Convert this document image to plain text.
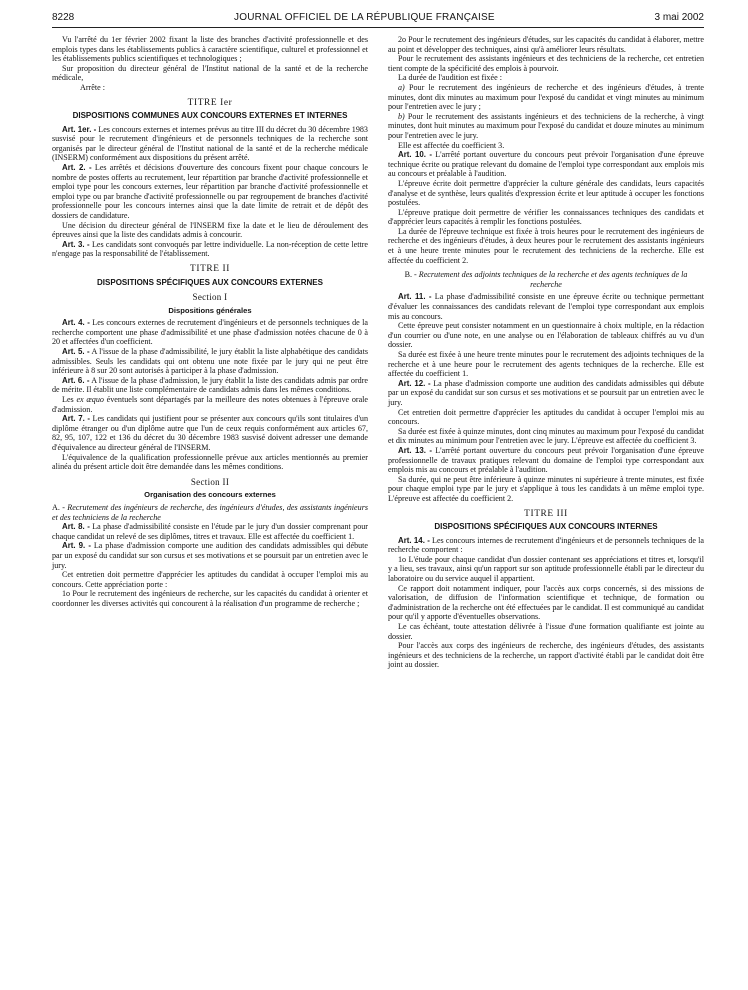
8228	JOURNAL OFFICIEL DE LA RÉPUBLIQUE FRANÇAISE	3 mai 2002

Vu l'arrêté du 1er février 2002 fixant la liste des branches d'activité professionnelle et des emplois types dans les établissements publics à caractère scientifique, culturel et professionnel et les établissements publics scientifiques et technologiques ;

Sur proposition du directeur général de l'Institut national de la santé et de la recherche médicale,

Arrête :

TITRE Ier
DISPOSITIONS COMMUNES AUX CONCOURS EXTERNES ET INTERNES

Art. 1er. - Les concours externes et internes prévus au titre III du décret du 30 décembre 1983 susvisé pour le recrutement d'ingénieurs et de personnels techniques de la recherche sont organisés par le directeur général de l'Institut national de la santé et de la recherche médicale (INSERM) conformément aux dispositions du présent arrêté.

Art. 2. - Les arrêtés et décisions d'ouverture des concours fixent pour chaque concours le nombre de postes offerts au recrutement, leur répartition par branche d'activité professionnelle et emploi type pour les concours externes, leur répartition par branche d'activité professionnelle et emploi type ou par branche d'activité professionnelle ou par regroupement de branches d'activité professionnelle pour les concours internes ainsi que la date limite de retrait et de dépôt des dossiers de candidature.

Une décision du directeur général de l'INSERM fixe la date et le lieu de déroulement des épreuves ainsi que la liste des candidats admis à concourir.

Art. 3. - Les candidats sont convoqués par lettre individuelle. La non-réception de cette lettre n'engage pas la responsabilité de l'établissement.

TITRE II
DISPOSITIONS SPÉCIFIQUES AUX CONCOURS EXTERNES
Section I
Dispositions générales

Art. 4. - Les concours externes de recrutement d'ingénieurs et de personnels techniques de la recherche comportent une phase d'admissibilité et une phase d'admission notées chacune de 0 à 20 et affectées d'un coefficient.

Art. 5. - A l'issue de la phase d'admissibilité, le jury établit la liste alphabétique des candidats admissibles. Seuls les candidats qui ont obtenu une note fixée par le jury qui ne peut être inférieure à 8 sur 20 sont autorisés à participer à la phase d'admission.

Art. 6. - A l'issue de la phase d'admission, le jury établit la liste des candidats admis par ordre de mérite. Il établit une liste complémentaire de candidats admis dans les mêmes conditions.

Les ex æquo éventuels sont départagés par la meilleure des notes obtenues à l'épreuve orale d'admission.

Art. 7. - Les candidats qui justifient pour se présenter aux concours qu'ils sont titulaires d'un diplôme étranger ou d'un diplôme autre que l'un de ceux requis conformément aux articles 67, 82, 95, 107, 122 et 136 du décret du 30 décembre 1983 susvisé doivent adresser une demande d'équivalence au directeur général de l'INSERM.

L'équivalence de la qualification professionnelle prévue aux articles mentionnés au premier alinéa du présent article doit être demandée dans les mêmes conditions.

Section II
Organisation des concours externes

A. - Recrutement des ingénieurs de recherche, des ingénieurs d'études, des assistants ingénieurs et des techniciens de la recherche

Art. 8. - La phase d'admissibilité consiste en l'étude par le jury d'un dossier comprenant pour chaque candidat un relevé de ses diplômes, titres et travaux. Elle est affectée du coefficient 1.

Art. 9. - La phase d'admission comporte une audition des candidats admissibles qui débute par un exposé du candidat sur son cursus et ses motivations et se poursuit par un entretien avec le jury.

Cet entretien doit permettre d'apprécier les aptitudes du candidat à occuper l'emploi mis au concours. Cette appréciation porte :

1o Pour le recrutement des ingénieurs de recherche, sur les capacités du candidat à orienter et coordonner les diverses activités qui concourent à la réalisation d'un programme de recherche ;

2o Pour le recrutement des ingénieurs d'études, sur les capacités du candidat à élaborer, mettre au point et développer des techniques, ainsi qu'à améliorer leurs résultats.

Pour le recrutement des assistants ingénieurs et des techniciens de la recherche, cet entretien tient compte de la spécificité des emplois à pourvoir.

La durée de l'audition est fixée :

a) Pour le recrutement des ingénieurs de recherche et des ingénieurs d'études, à trente minutes, dont dix minutes au maximum pour l'exposé du candidat et vingt minutes au minimum pour l'entretien avec le jury ;

b) Pour le recrutement des assistants ingénieurs et des techniciens de la recherche, à vingt minutes, dont huit minutes au maximum pour l'exposé du candidat et douze minutes au minimum pour l'entretien avec le jury.

Elle est affectée du coefficient 3.

Art. 10. - L'arrêté portant ouverture du concours peut prévoir l'organisation d'une épreuve technique écrite ou pratique relevant du domaine de l'emploi type correspondant aux emplois mis au concours et préalable à l'audition.

L'épreuve écrite doit permettre d'apprécier la culture générale des candidats, leurs capacités d'analyse et de synthèse, leurs qualités d'expression écrite et leur aptitude à occuper les fonctions postulées.

L'épreuve pratique doit permettre de vérifier les connaissances techniques des candidats et d'apprécier leurs capacités à remplir les fonctions postulées.

La durée de l'épreuve technique est fixée à trois heures pour le recrutement des ingénieurs de recherche et des ingénieurs d'études, à deux heures pour le recrutement des assistants ingénieurs et à une heure trente minutes pour le recrutement des techniciens de la recherche. Elle est affectée du coefficient 2.

B. - Recrutement des adjoints techniques de la recherche et des agents techniques de la recherche

Art. 11. - La phase d'admissibilité consiste en une épreuve écrite ou technique permettant d'évaluer les connaissances des candidats relevant de l'emploi type correspondant aux emplois mis au concours.

Cette épreuve peut consister notamment en un questionnaire à choix multiple, en la rédaction d'un courrier ou d'une note, en une analyse ou en l'élaboration de tableaux chiffrés au vu d'un dossier.

Sa durée est fixée à une heure trente minutes pour le recrutement des adjoints techniques de la recherche et à une heure pour le recrutement des agents techniques de la recherche. Elle est affectée du coefficient 1.

Art. 12. - La phase d'admission comporte une audition des candidats admissibles qui débute par un exposé du candidat sur son cursus et ses motivations et se poursuit par un entretien avec le jury.

Cet entretien doit permettre d'apprécier les aptitudes du candidat à occuper l'emploi mis au concours.

Sa durée est fixée à quinze minutes, dont cinq minutes au maximum pour l'exposé du candidat et dix minutes au minimum pour l'entretien avec le jury. L'épreuve est affectée du coefficient 3.

Art. 13. - L'arrêté portant ouverture du concours peut prévoir l'organisation d'une épreuve professionnelle de travaux pratiques relevant du domaine de l'emploi type correspondant aux emplois mis au concours et préalable à l'audition.

Sa durée, qui ne peut être inférieure à quinze minutes ni supérieure à trente minutes, est fixée pour chaque emploi type par le jury et s'applique à tous les candidats à un même emploi type. L'épreuve est affectée du coefficient 2.

TITRE III
DISPOSITIONS SPÉCIFIQUES AUX CONCOURS INTERNES

Art. 14. - Les concours internes de recrutement d'ingénieurs et de personnels techniques de la recherche comportent :

1o L'étude pour chaque candidat d'un dossier contenant ses appréciations et titres et, lorsqu'il y a lieu, ses travaux, ainsi qu'un rapport sur son aptitude professionnelle établi par le directeur du laboratoire ou du service auquel il appartient.

Ce rapport doit notamment indiquer, pour l'accès aux corps concernés, si des missions de valorisation, de diffusion de l'information scientifique et technique, de formation ou d'administration de la recherche ont été effectuées par le candidat. Il est communiqué au candidat pour qu'il y apporte d'éventuelles observations.

Le cas échéant, toute attestation délivrée à l'issue d'une formation qualifiante est jointe au dossier.

Pour l'accès aux corps des ingénieurs de recherche, des ingénieurs d'études, des assistants ingénieurs et des techniciens de la recherche, un rapport d'activité établi par le candidat doit être joint au dossier.
